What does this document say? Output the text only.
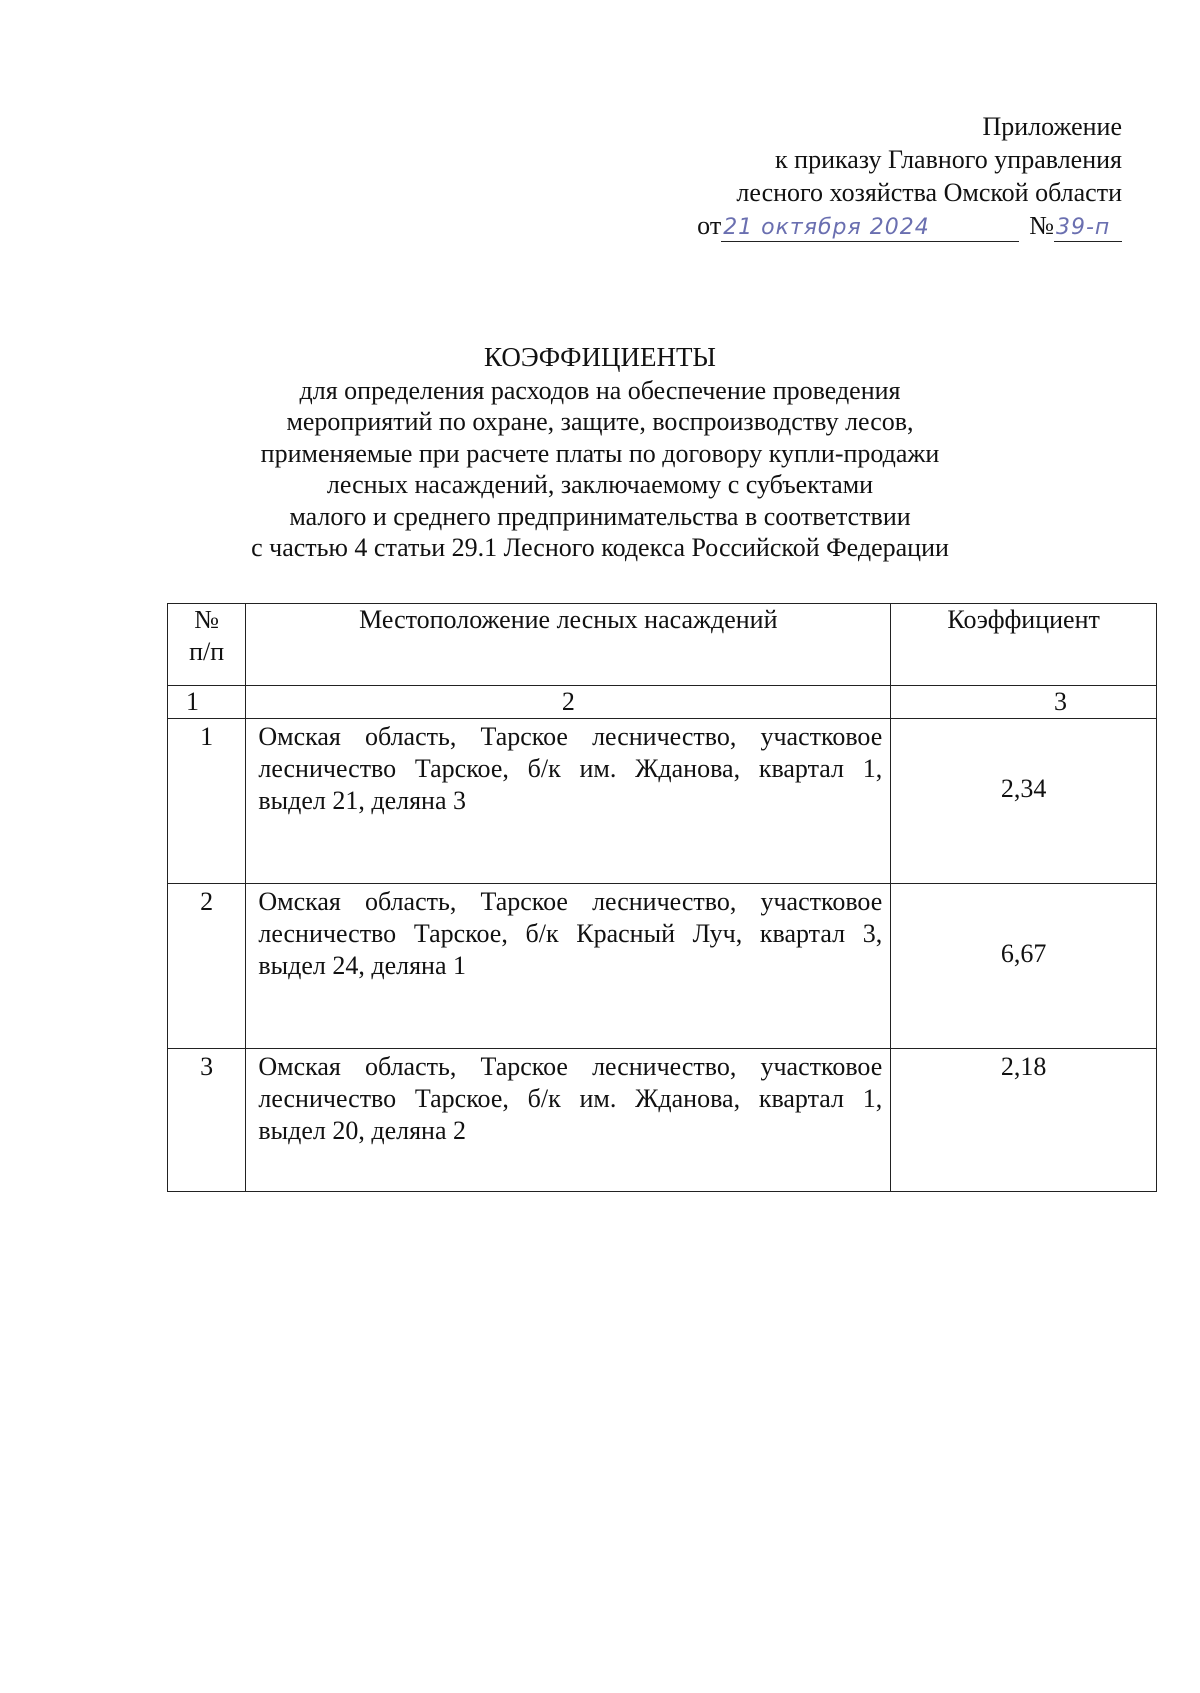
Приложение
к приказу Главного управления
лесного хозяйства Омской области
от 21 октября 2024	№ 39-п
КОЭФФИЦИЕНТЫ
для определения расходов на обеспечение проведения
мероприятий по охране, защите, воспроизводству лесов,
применяемые при расчете платы по договору купли-продажи
лесных насаждений, заключаемому с субъектами
малого и среднего предпринимательства в соответствии
с частью 4 статьи 29.1 Лесного кодекса Российской Федерации
№
п/п	Местоположение лесных насаждений	Коэффициент
1	2	3
1	Омская область, Тарское лесничество, участковое лесничество Тарское, б/к им. Жданова, квартал 1, выдел 21, деляна 3	2,34
2	Омская область, Тарское лесничество, участковое лесничество Тарское, б/к Красный Луч, квартал 3, выдел 24, деляна 1	6,67
3	Омская область, Тарское лесничество, участковое лесничество Тарское, б/к им. Жданова, квартал 1, выдел 20, деляна 2	2,18
